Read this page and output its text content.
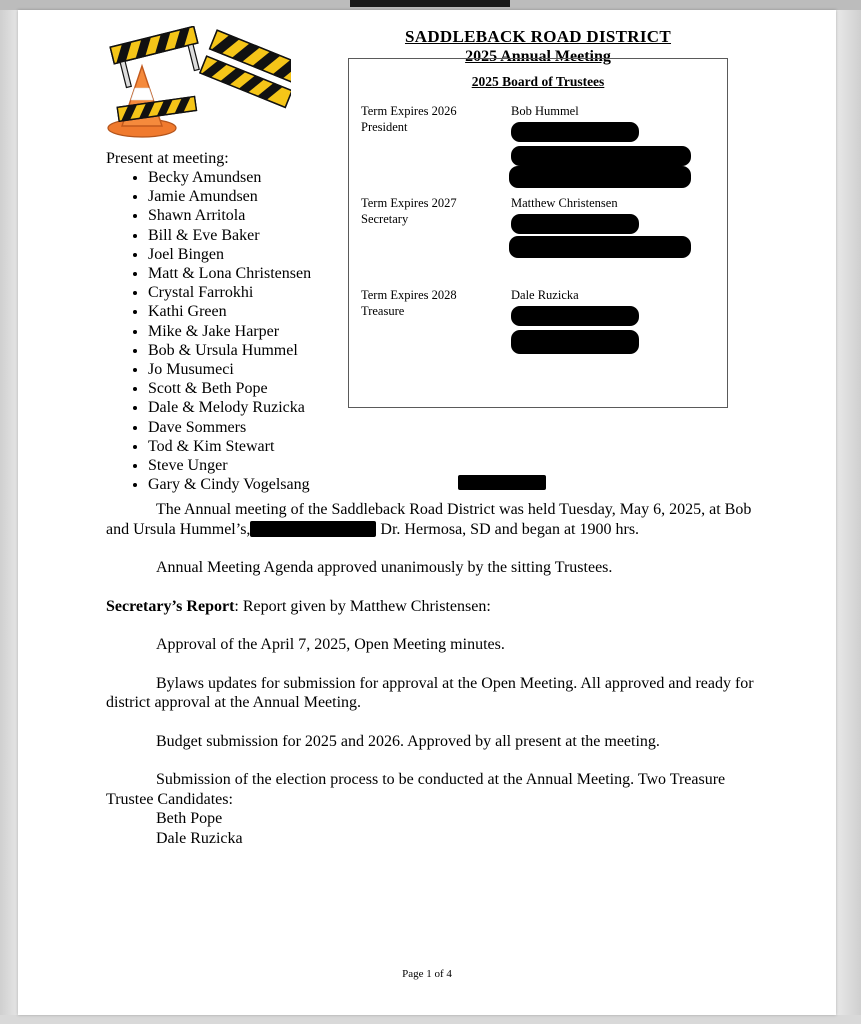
SADDLEBACK ROAD DISTRICT
2025 Annual Meeting
2025 Board of Trustees
Term Expires 2026
President
Bob Hummel
Term Expires 2027
Secretary
Matthew Christensen
Term Expires 2028
Treasure
Dale Ruzicka
Present at meeting:
• Becky Amundsen
• Jamie Amundsen
• Shawn Arritola
• Bill & Eve Baker
• Joel Bingen
• Matt & Lona Christensen
• Crystal Farrokhi
• Kathi Green
• Mike & Jake Harper
• Bob & Ursula Hummel
• Jo Musumeci
• Scott & Beth Pope
• Dale & Melody Ruzicka
• Dave Sommers
• Tod & Kim Stewart
• Steve Unger
• Gary & Cindy Vogelsang

The Annual meeting of the Saddleback Road District was held Tuesday, May 6, 2025, at Bob and Ursula Hummel’s,	Dr. Hermosa, SD and began at 1900 hrs.

Annual Meeting Agenda approved unanimously by the sitting Trustees.

Secretary’s Report: Report given by Matthew Christensen:

Approval of the April 7, 2025, Open Meeting minutes.

Bylaws updates for submission for approval at the Open Meeting. All approved and ready for district approval at the Annual Meeting.

Budget submission for 2025 and 2026. Approved by all present at the meeting.

Submission of the election process to be conducted at the Annual Meeting. Two Treasure Trustee Candidates:

Beth Pope

Dale Ruzicka

Page 1 of 4
